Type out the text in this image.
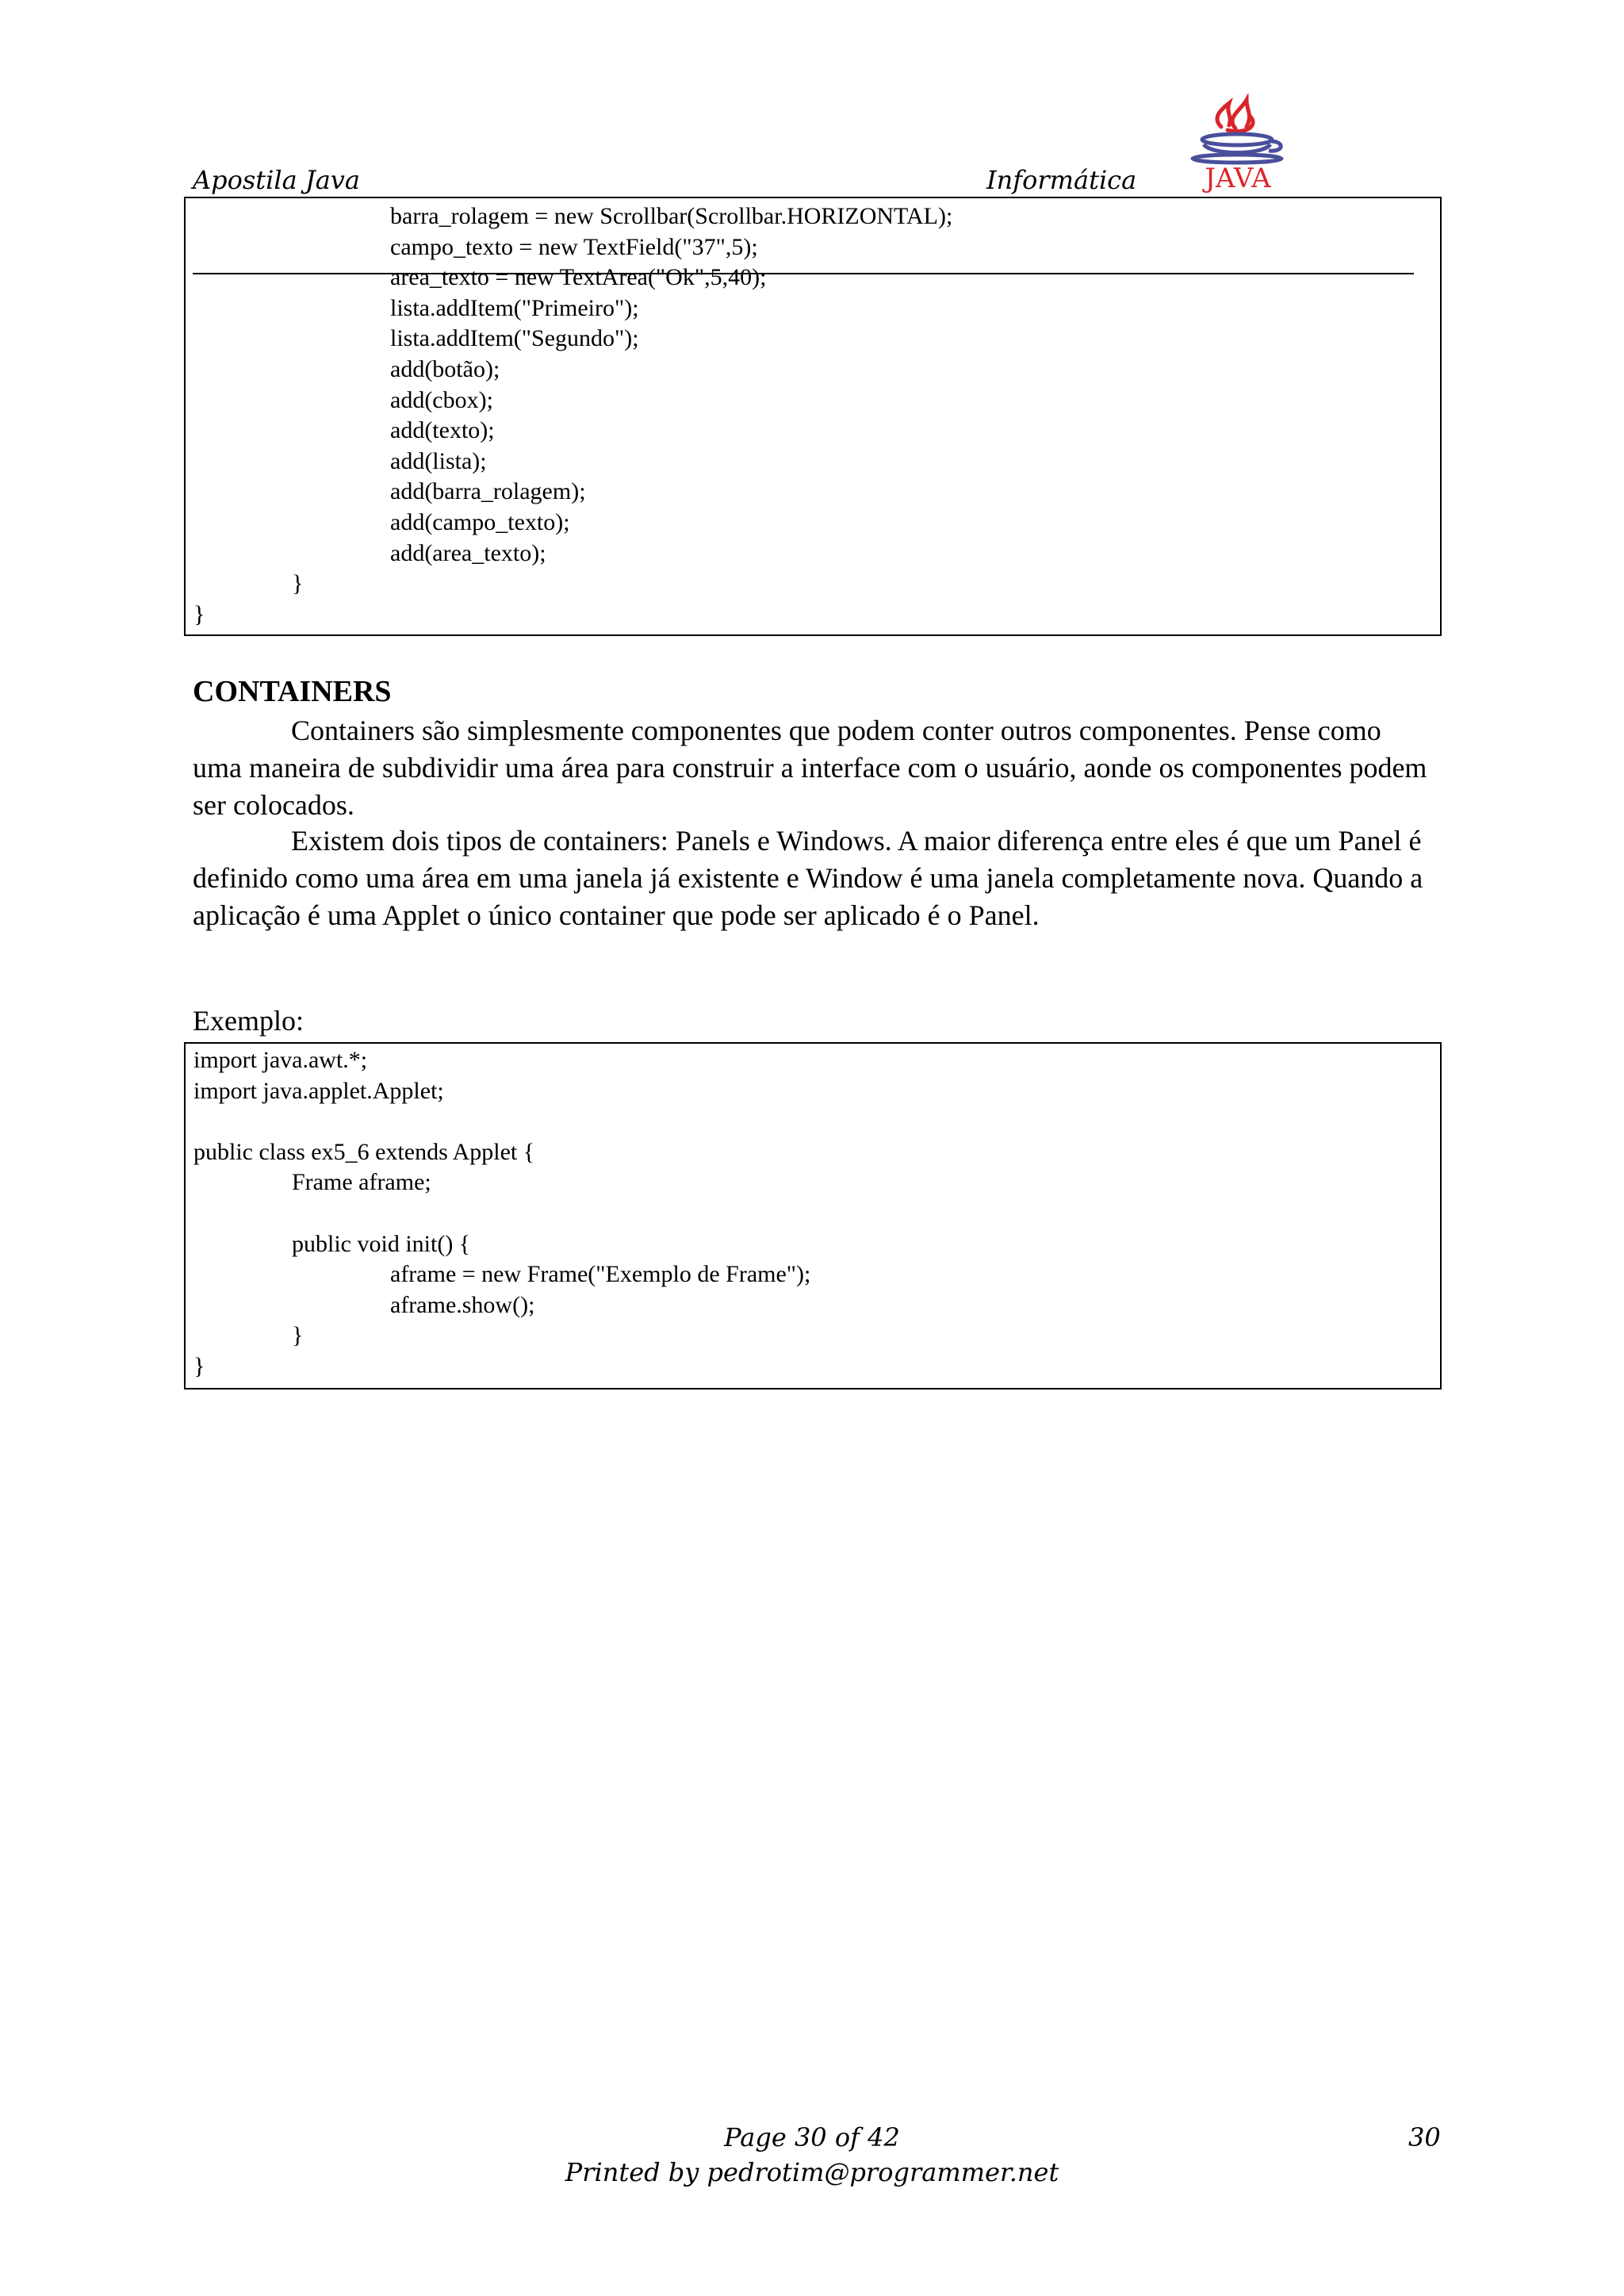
Apostila Java	Informática	JAVA
barra_rolagem = new Scrollbar(Scrollbar.HORIZONTAL);
campo_texto = new TextField("37",5);
area_texto = new TextArea("Ok",5,40);
lista.addItem("Primeiro");
lista.addItem("Segundo");
add(botão);
add(cbox);
add(texto);
add(lista);
add(barra_rolagem);
add(campo_texto);
add(area_texto);
}
}
CONTAINERS

Containers são simplesmente componentes que podem conter outros componentes. Pense como uma maneira de subdividir uma área para construir a interface com o usuário, aonde os componentes podem ser colocados.

Existem dois tipos de containers: Panels e Windows. A maior diferença entre eles é que um Panel é definido como uma área em uma janela já existente e Window é uma janela completamente nova. Quando a aplicação é uma Applet o único container que pode ser aplicado é o Panel.

Exemplo:
import java.awt.*;
import java.applet.Applet;
public class ex5_6 extends Applet {
Frame aframe;
public void init() {
aframe = new Frame("Exemplo de Frame");
aframe.show();
}
}
Page 30 of 42
Printed by pedrotim@programmer.net
30
